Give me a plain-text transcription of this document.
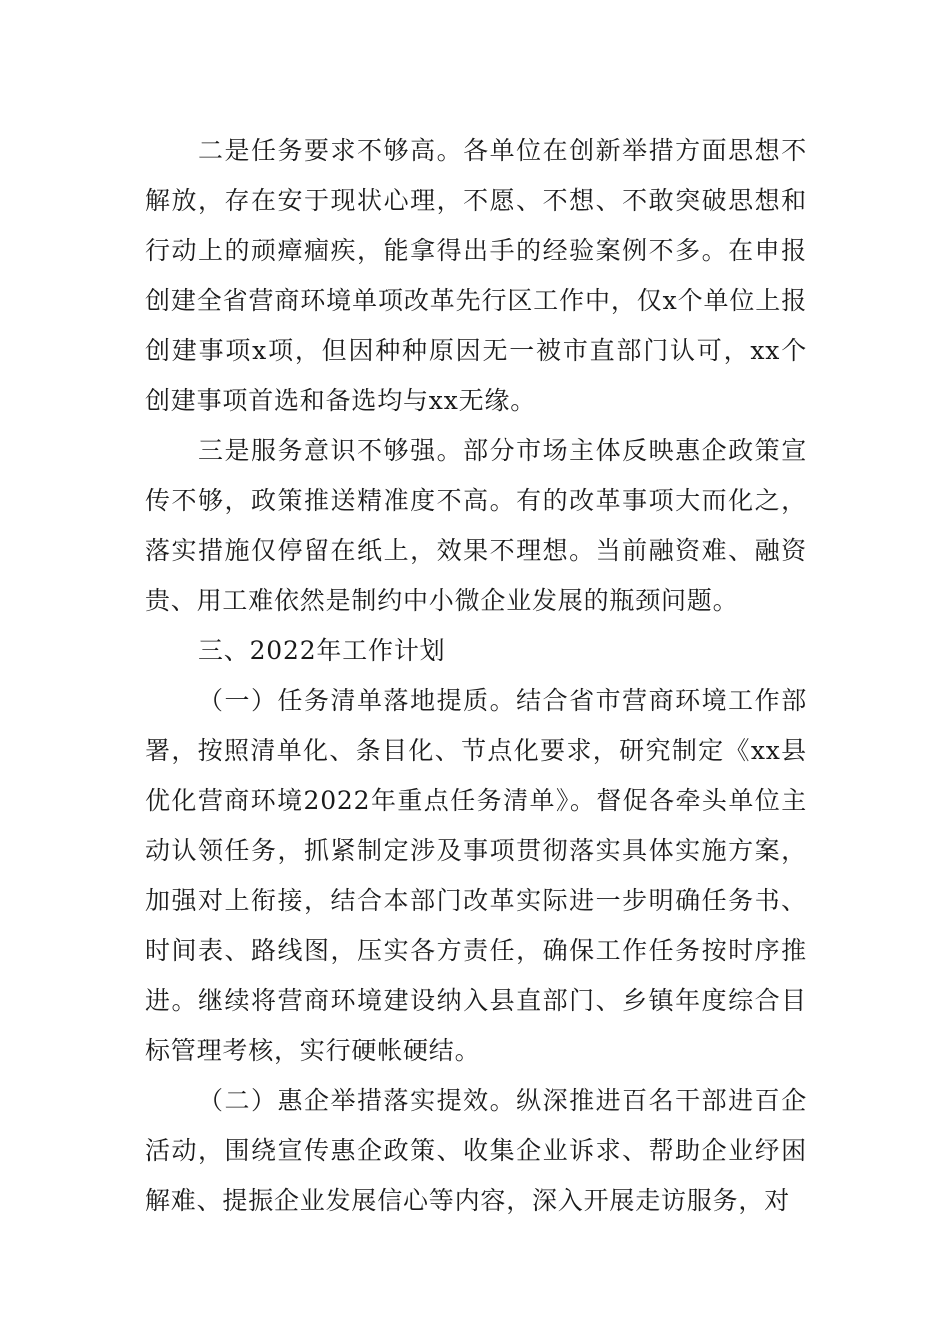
二是任务要求不够高。各单位在创新举措方面思想不解放，存在安于现状心理，不愿、不想、不敢突破思想和行动上的顽瘴痼疾，能拿得出手的经验案例不多。在申报创建全省营商环境单项改革先行区工作中，仅x个单位上报创建事项x项，但因种种原因无一被市直部门认可，xx个创建事项首选和备选均与xx无缘。

三是服务意识不够强。部分市场主体反映惠企政策宣传不够，政策推送精准度不高。有的改革事项大而化之，落实措施仅停留在纸上，效果不理想。当前融资难、融资贵、用工难依然是制约中小微企业发展的瓶颈问题。

三、2022年工作计划

（一）任务清单落地提质。结合省市营商环境工作部署，按照清单化、条目化、节点化要求，研究制定《xx县优化营商环境2022年重点任务清单》。督促各牵头单位主动认领任务，抓紧制定涉及事项贯彻落实具体实施方案，加强对上衔接，结合本部门改革实际进一步明确任务书、时间表、路线图，压实各方责任，确保工作任务按时序推进。继续将营商环境建设纳入县直部门、乡镇年度综合目标管理考核，实行硬帐硬结。

（二）惠企举措落实提效。纵深推进百名干部进百企活动，围绕宣传惠企政策、收集企业诉求、帮助企业纾困解难、提振企业发展信心等内容，深入开展走访服务，对
